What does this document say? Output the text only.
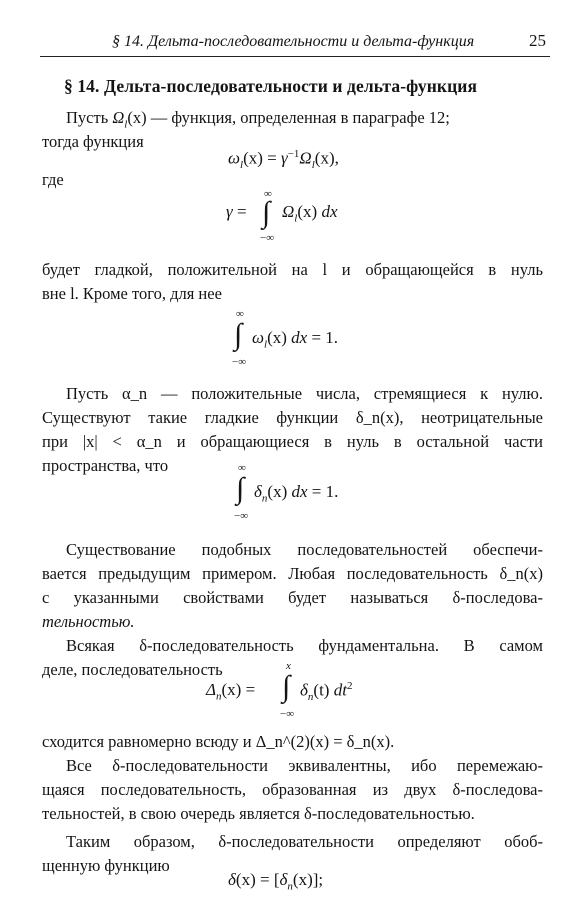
§ 14. Дельта-последовательности и дельта-функция	25
§ 14. Дельта-последовательности и дельта-функция
Пусть $\Omega_l(x)$ — функция, определенная в параграфе 12;
тогда функция
$\omega_l(x) = \gamma^{-1}\Omega_l(x)$,
где
γ =
∞
∫
−∞
$\Omega_l(x)$ dx
будет гладкой, положительной на l и обращающейся в нуль
вне l. Кроме того, для нее
∞
∫
−∞
$\omega_l(x)$ dx = 1.
Пусть α_n — положительные числа, стремящиеся к нулю.
Существуют такие гладкие функции δ_n(x), неотрицательные
при |x| < α_n и обращающиеся в нуль в остальной части
пространства, что	∞
∫
−∞
$\delta_n(x)$ dx = 1.
Существование подобных последовательностей обеспечи-
вается предыдущим примером. Любая последовательность δ_n(x)
с указанными свойствами будет называться δ-последова-
тельностью.
Всякая δ-последовательность фундаментальна. В самом
деле, последовательность
$\Delta_n(x)$ =
x
∫
−∞
$\delta_n(t)$ $dt^2$
сходится равномерно всюду и Δ_n^(2)(x) = δ_n(x).
Все δ-последовательности эквивалентны, ибо перемежаю-
щаяся последовательность, образованная из двух δ-последова-
тельностей, в свою очередь является δ-последовательностью.
Таким образом, δ-последовательности определяют обоб-
щенную функцию
$\delta(x) = [\delta_n(x)]$;
